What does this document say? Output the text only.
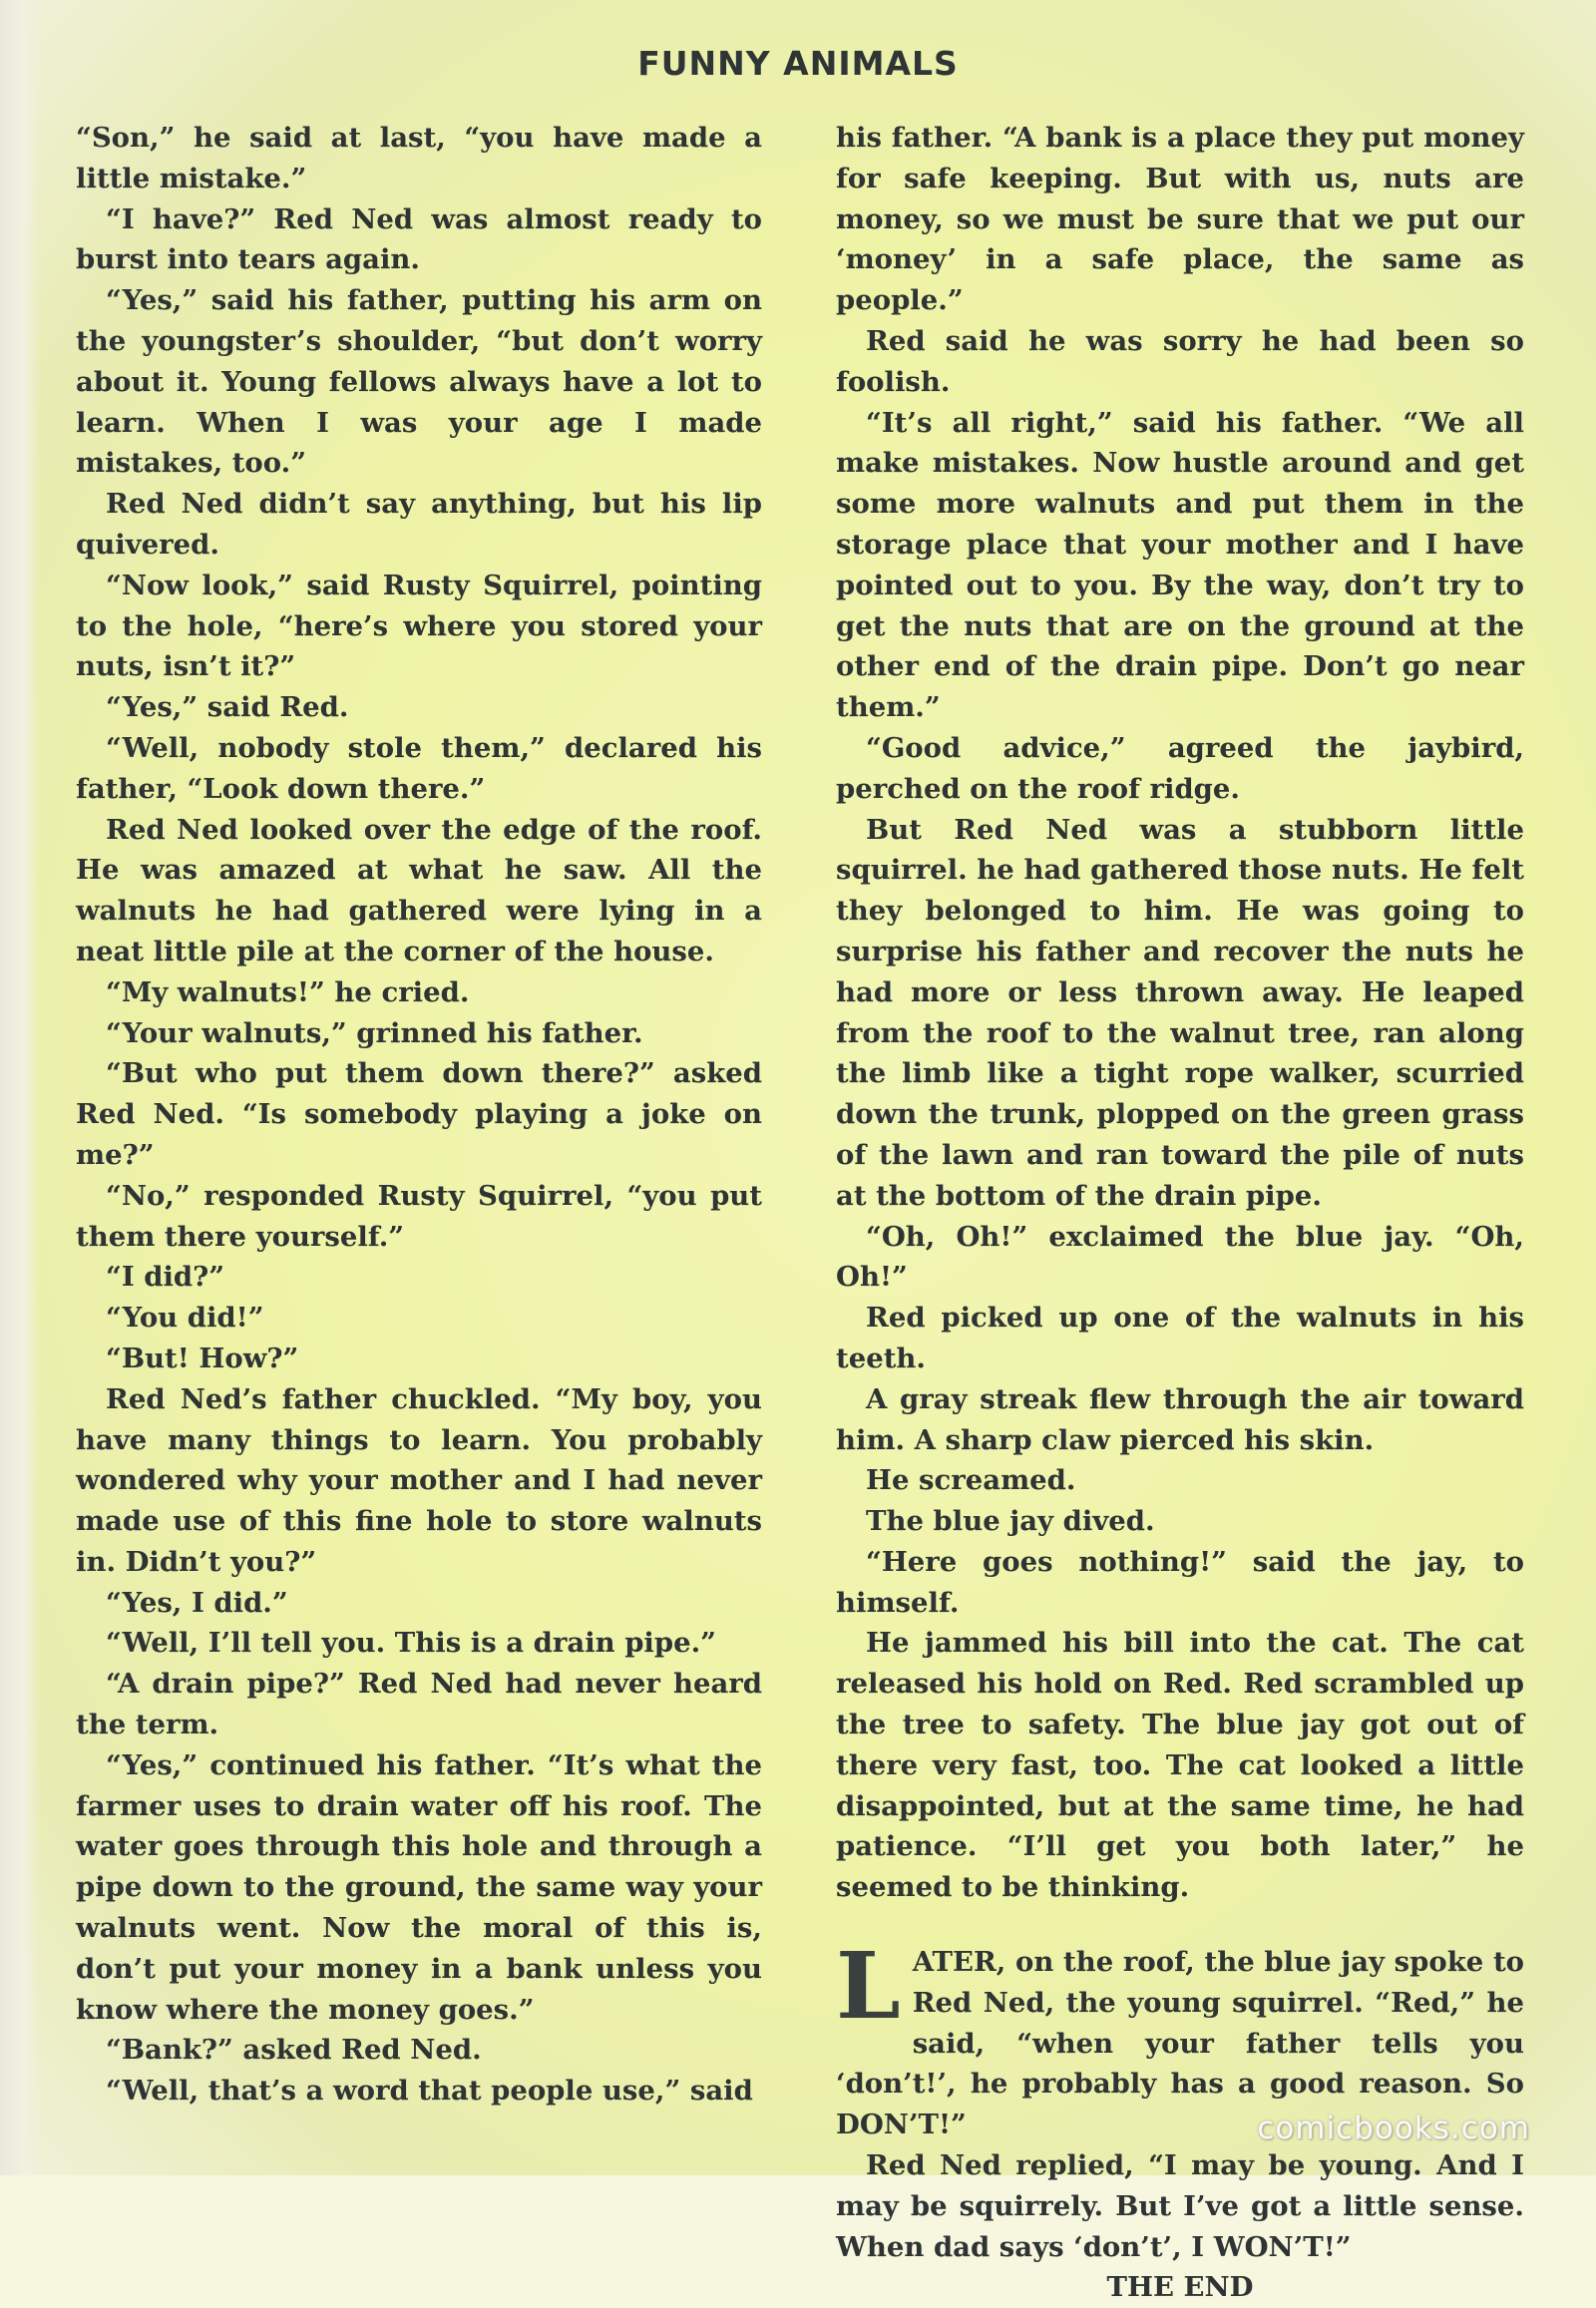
FUNNY ANIMALS

“Son,” he said at last, “you have made a little mistake.”

“I have?” Red Ned was almost ready to burst into tears again.

“Yes,” said his father, putting his arm on the youngster’s shoulder, “but don’t worry about it. Young fellows always have a lot to learn. When I was your age I made mistakes, too.”

Red Ned didn’t say anything, but his lip quivered.

“Now look,” said Rusty Squirrel, pointing to the hole, “here’s where you stored your nuts, isn’t it?”

“Yes,” said Red.

“Well, nobody stole them,” declared his father, “Look down there.”

Red Ned looked over the edge of the roof. He was amazed at what he saw. All the walnuts he had gathered were lying in a neat little pile at the corner of the house.

“My walnuts!” he cried.

“Your walnuts,” grinned his father.

“But who put them down there?” asked Red Ned. “Is somebody playing a joke on me?”

“No,” responded Rusty Squirrel, “you put them there yourself.”

“I did?”

“You did!”

“But! How?”

Red Ned’s father chuckled. “My boy, you have many things to learn. You probably wondered why your mother and I had never made use of this fine hole to store walnuts in. Didn’t you?”

“Yes, I did.”

“Well, I’ll tell you. This is a drain pipe.”

“A drain pipe?” Red Ned had never heard the term.

“Yes,” continued his father. “It’s what the farmer uses to drain water off his roof. The water goes through this hole and through a pipe down to the ground, the same way your walnuts went. Now the moral of this is, don’t put your money in a bank unless you know where the money goes.”

“Bank?” asked Red Ned.

“Well, that’s a word that people use,” said

his father. “A bank is a place they put money for safe keeping. But with us, nuts are money, so we must be sure that we put our ‘money’ in a safe place, the same as people.”

Red said he was sorry he had been so foolish.

“It’s all right,” said his father. “We all make mistakes. Now hustle around and get some more walnuts and put them in the storage place that your mother and I have pointed out to you. By the way, don’t try to get the nuts that are on the ground at the other end of the drain pipe. Don’t go near them.”

“Good advice,” agreed the jaybird, perched on the roof ridge.

But Red Ned was a stubborn little squirrel. he had gathered those nuts. He felt they belonged to him. He was going to surprise his father and recover the nuts he had more or less thrown away. He leaped from the roof to the walnut tree, ran along the limb like a tight rope walker, scurried down the trunk, plopped on the green grass of the lawn and ran toward the pile of nuts at the bottom of the drain pipe.

“Oh, Oh!” exclaimed the blue jay. “Oh, Oh!”

Red picked up one of the walnuts in his teeth.

A gray streak flew through the air toward him. A sharp claw pierced his skin.

He screamed.

The blue jay dived.

“Here goes nothing!” said the jay, to himself.

He jammed his bill into the cat. The cat released his hold on Red. Red scrambled up the tree to safety. The blue jay got out of there very fast, too. The cat looked a little disappointed, but at the same time, he had patience. “I’ll get you both later,” he seemed to be thinking.

LATER, on the roof, the blue jay spoke to Red Ned, the young squirrel. “Red,” he said, “when your father tells you ‘don’t!’, he probably has a good reason. So DON’T!”

Red Ned replied, “I may be young. And I may be squirrely. But I’ve got a little sense. When dad says ‘don’t’, I WON’T!”

THE END

comicbooks.com
